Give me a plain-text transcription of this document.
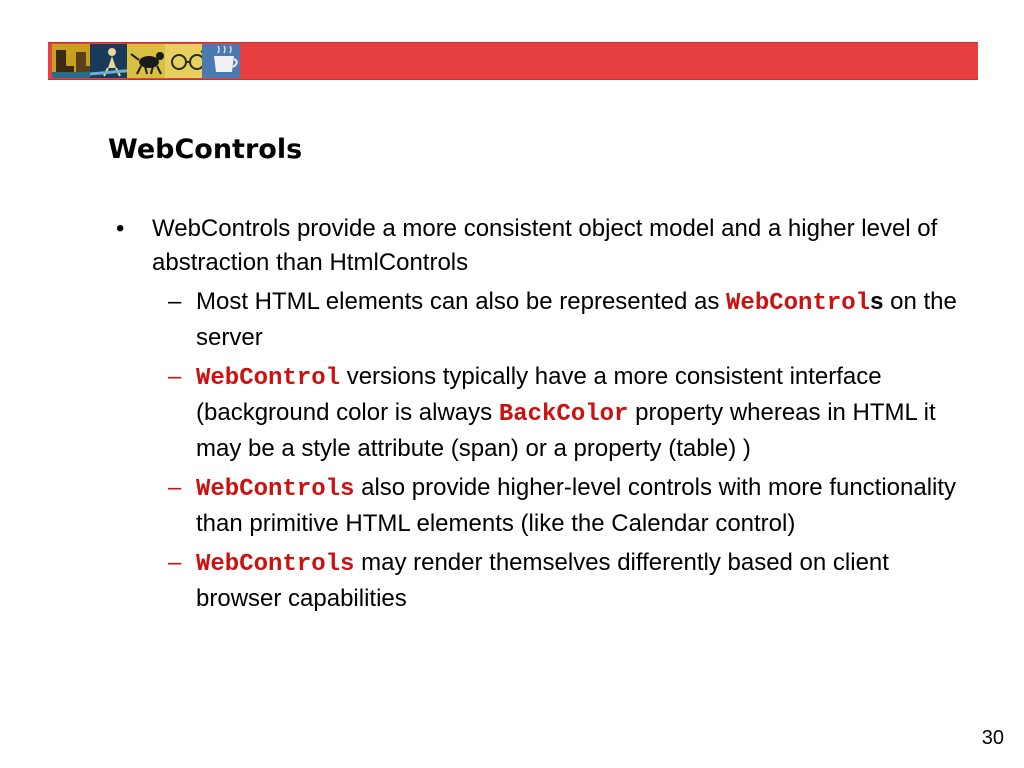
WebControls
• WebControls provide a more consistent object model and a higher level of abstraction than HtmlControls
– Most HTML elements can also be represented as WebControls on the server
– WebControl versions typically have a more consistent interface (background color is always BackColor property whereas in HTML it may be a style attribute (span) or a property (table) )
– WebControls also provide higher-level controls with more functionality than primitive HTML elements (like the Calendar control)
– WebControls may render themselves differently based on client browser capabilities
30
